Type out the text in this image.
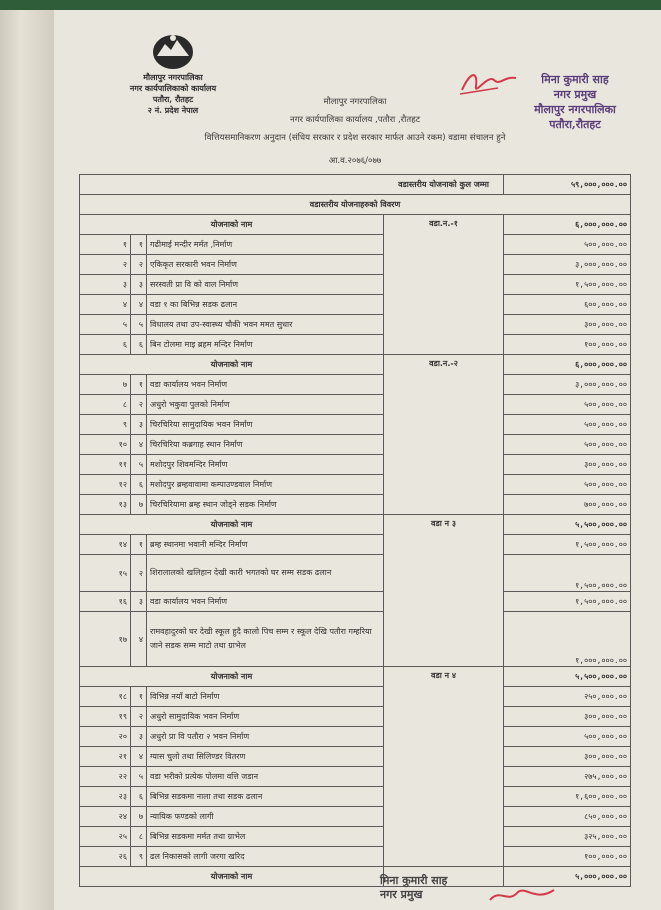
मौलापुर नगरपालिका
नगर कार्यपालिकाको कार्यालय
पतौरा, रौतहट
२ नं. प्रदेश नेपाल
मौलापुर नगरपालिका
नगर कार्यपालिका कार्यालय ,पतौरा ,रौतहट
वित्तियसमानिकरण अनुदान (संधिय सरकार र प्रदेश सरकार मार्फत आउने रकम) वडामा संचालन हुने
आ.व.२०७६/०७७
मिना कुमारी साह
नगर प्रमुख
मौलापुर नगरपालिका
पतौरा,रौतहट
वडास्तरीय योजनाको कुल जम्मा				५९,०००,०००.००
वडास्तरीय योजनाहरुको विवरण				
योजनाको नाम			वडा.न.-१	६,०००,०००.००
१	१	गढीमाई मन्दीर मर्मत ,निर्माण		५००,०००.००
२	२	एकिकृत सरकारी भवन निर्माण		३,०००,०००.००
३	३	सरस्वती प्रा वि को वाल निर्माण		१,५००,०००.००
४	४	वडा १ का बिभिन्न सडक ढलान		६००,०००.००
५	५	विधालय तथा उप-स्वास्थ्य चौकी भवन ममत सुधार		३००,०००.००
६	६	बिन टोलमा माइ ब्रहम मन्दिर निर्माण		१००,०००.००
योजनाको नाम			वडा.न.-२	६,०००,०००.००
७	१	वडा कार्यालय भवन निर्माण		३,०००,०००.००
८	२	अधुरो भकुवा पुलको निर्माण		५००,०००.००
९	३	चिरचिरिया सामुदायिक भवन निर्माण		५००,०००.००
१०	४	चिरचिरिया कब्रगाह स्थान निर्माण		५००,०००.००
११	५	मशोदपुर शिवमन्दिर निर्माण		३००,०००.००
१२	६	मशोदपुर ब्रम्हवावामा कम्पाउण्डवाल निर्माण		५००,०००.००
१३	७	चिरचिरियामा ब्रम्ह स्थान जोड्ने सडक निर्माण		७००,०००.००
योजनाको नाम			वडा न ३	५,५००,०००.००
१४	१	ब्रम्ह स्थानमा भवानी मन्दिर निर्माण		१,५००,०००.००
१५	२	शिरालालको खलिहान देखी कारी भगतको घर सम्म सडक ढलान		१,५००,०००.००
१६	३	वडा कार्यालय भवन निर्माण		१,५००,०००.००
१७	४	रामवहादुरको घर देखी स्कूल हुदै कालो पिच सम्म र स्कूल देखि पतौरा गम्हरिया जाने सडक सम्म माटो तथा ग्राभेल		१,०००,०००.००
योजनाको नाम			वडा न ४	५,५००,०००.००
१८	१	विभिन्न नयाँ बाटो निर्माण		२५०,०००.००
१९	२	अधुरो सामुदायिक भवन निर्माण		३००,०००.००
२०	३	अधुरो प्रा वि पतौरा २ भवन निर्माण		५००,०००.००
२१	४	ग्यास चुलो तथा सिलिण्डर वितरण		३००,०००.००
२२	५	वडा भरीको प्रत्येक पोलमा वत्ति जडान		२७५,०००.००
२३	६	बिभिन्न सडकमा नाला तथा सडक ढलान		१,६००,०००.००
२४	७	न्यायिक फण्डको लागी		८५०,०००.००
२५	८	बिभिन्न सडकमा मर्मत तथा ग्राभेल		३२५,०००.००
२६	९	ढल निकासको लागी जरगा खरिद		१००,०००.००
योजनाको नाम				५,०००,०००.००
मिना कुमारी साह
नगर प्रमुख
